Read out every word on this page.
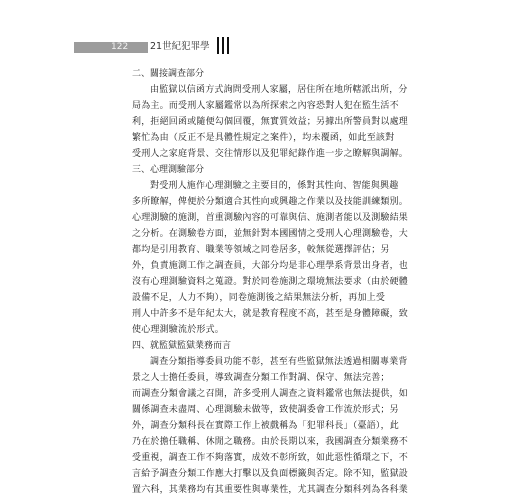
122 21世紀犯罪學

二、關接調查部分

由監獄以信函方式詢問受刑人家屬，居住所在地所轄派出所，分

局為主。而受刑人家屬鑑常以為所探索之內容恐對人犯在監生活不

利，拒絕回函或隨便勾個回覆，無實質效益；另據出所警員對以處理

繁忙為由（反正不是具體性規定之案件），均未覆函，如此至該對

受刑人之家庭背景、交往情形以及犯罪紀錄作進一步之瞭解與調解。

三、心理測驗部分

對受刑人施作心理測驗之主要目的，係對其性向、智能與興趣

多所瞭解，俾便於分類適合其性向或興趣之作業以及技能訓練類別。

心理測驗的施測，首重測驗內容的可靠與信、施測者能以及測驗結果

之分析。在測驗卷方面，並無針對本國國情之受刑人心理測驗卷，大

都均是引用教育、職業等領域之同卷居多，較無從選擇評估；另

外，負責施測工作之調查員，大部分均是非心理學系背景出身者，也

沒有心理測驗資料之蒐證。對於同卷施測之環境無法要求（由於硬體

設備不足，人力不夠），同卷施測後之結果無法分析，再加上受

刑人中許多不是年紀太大，就是教育程度不高，甚至是身體障礙，致

使心理測驗流於形式。

四、就監獄監獄業務而言

調查分類指導委員功能不彰，甚至有些監獄無法透過相關專業背

景之人士擔任委員，導致調查分類工作對調、保守、無法完善；

而調查分類會議之召開，許多受刑人調查之資料鑑常也無法提供，如

關係調查未盡周、心理測驗未做等，致使調委會工作流於形式；另

外，調查分類科長在實際工作上被戲稱為「犯罪科長」（臺語），此

乃在於擔任職稱、休閒之職務。由於長期以來，我國調查分類業務不

受重視，調查工作不夠落實，成效不彰所致，如此惡性循環之下，不

言給予調查分類工作應大打擊以及負面標籤與否定。除不知，監獄設

置六科，其業務均有其重要性與專業性，尤其調查分類科列為各科業
